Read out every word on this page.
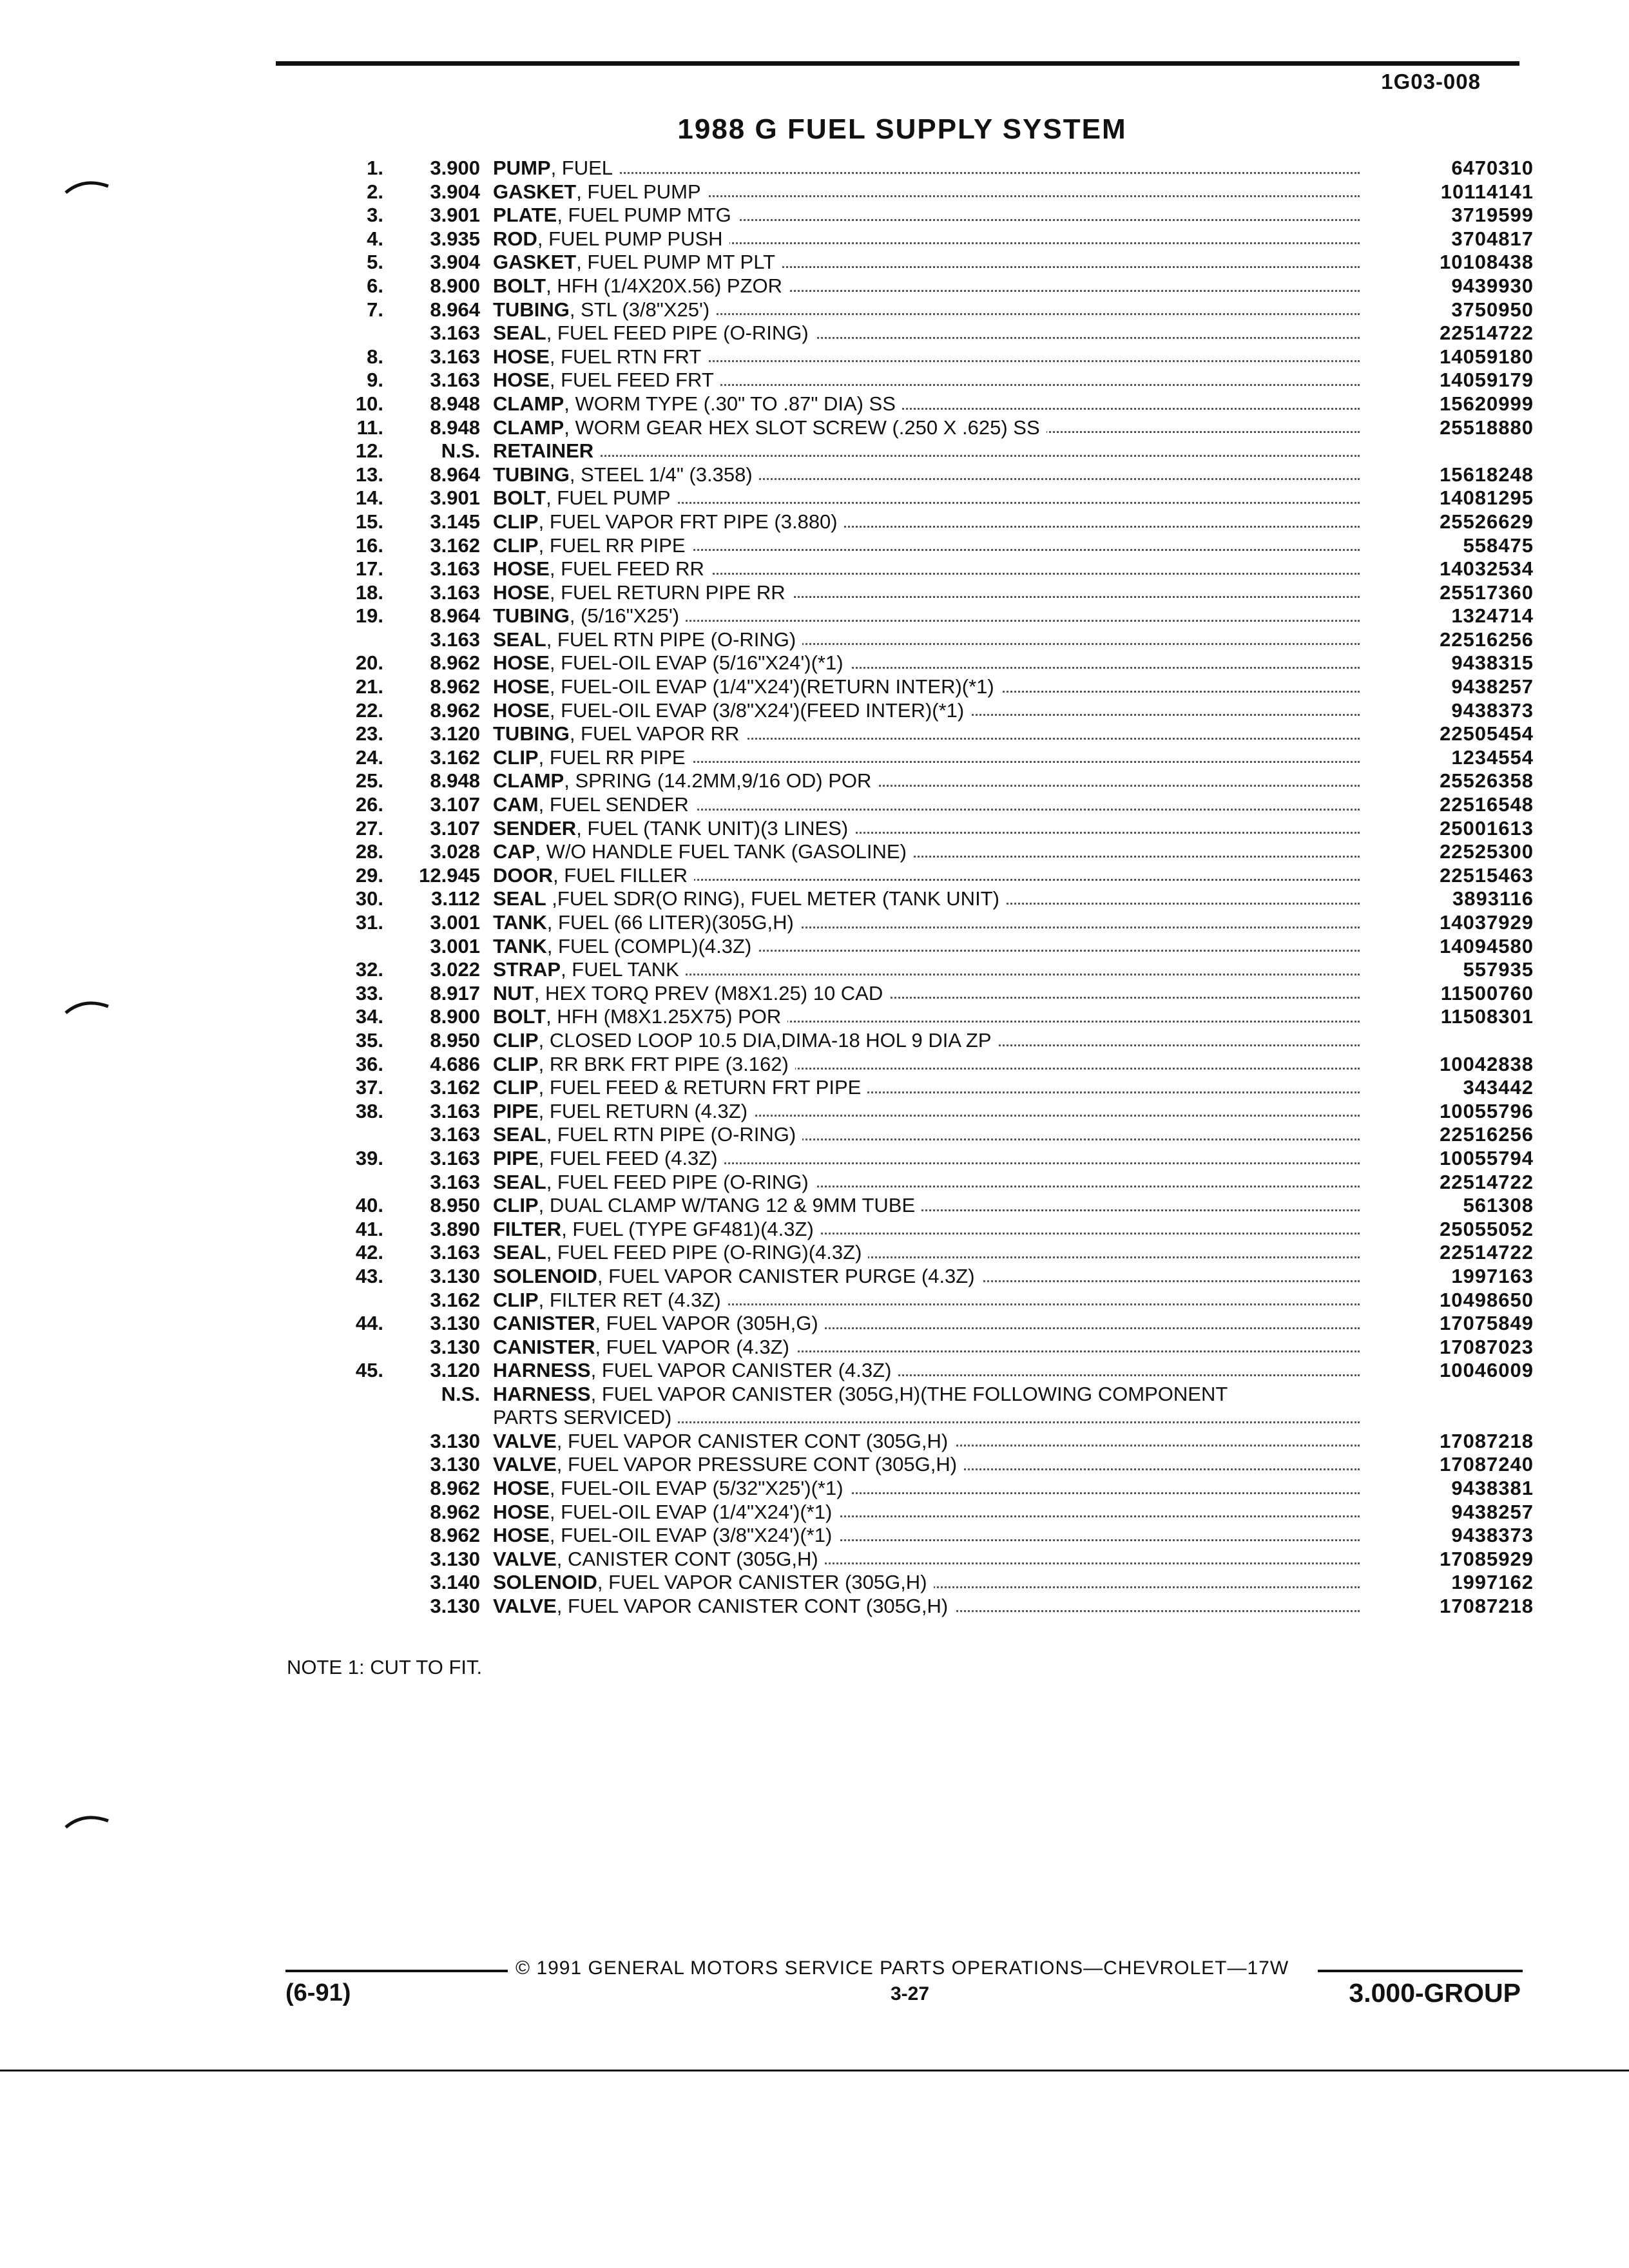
1G03-008
1988 G FUEL SUPPLY SYSTEM
1.	3.900 PUMP, FUEL	6470310
2.	3.904 GASKET, FUEL PUMP	10114141
3.	3.901 PLATE, FUEL PUMP MTG	3719599
4.	3.935 ROD, FUEL PUMP PUSH	3704817
5.	3.904 GASKET, FUEL PUMP MT PLT	10108438
6.	8.900 BOLT, HFH (1/4X20X.56) PZOR	9439930
7.	8.964 TUBING, STL (3/8"X25')	3750950
3.163 SEAL, FUEL FEED PIPE (O-RING)	22514722
8.	3.163 HOSE, FUEL RTN FRT	14059180
9.	3.163 HOSE, FUEL FEED FRT	14059179
10.	8.948 CLAMP, WORM TYPE (.30" TO .87" DIA) SS	15620999
11.	8.948 CLAMP, WORM GEAR HEX SLOT SCREW (.250 X .625) SS	25518880
12.	N.S. RETAINER
13.	8.964 TUBING, STEEL 1/4" (3.358)	15618248
14.	3.901 BOLT, FUEL PUMP	14081295
15.	3.145 CLIP, FUEL VAPOR FRT PIPE (3.880)	25526629
16.	3.162 CLIP, FUEL RR PIPE	558475
17.	3.163 HOSE, FUEL FEED RR	14032534
18.	3.163 HOSE, FUEL RETURN PIPE RR	25517360
19.	8.964 TUBING, (5/16"X25')	1324714
3.163 SEAL, FUEL RTN PIPE (O-RING)	22516256
20.	8.962 HOSE, FUEL-OIL EVAP (5/16"X24')(*1)	9438315
21.	8.962 HOSE, FUEL-OIL EVAP (1/4"X24')(RETURN INTER)(*1)	9438257
22.	8.962 HOSE, FUEL-OIL EVAP (3/8"X24')(FEED INTER)(*1)	9438373
23.	3.120 TUBING, FUEL VAPOR RR	22505454
24.	3.162 CLIP, FUEL RR PIPE	1234554
25.	8.948 CLAMP, SPRING (14.2MM,9/16 OD) POR	25526358
26.	3.107 CAM, FUEL SENDER	22516548
27.	3.107 SENDER, FUEL (TANK UNIT)(3 LINES)	25001613
28.	3.028 CAP, W/O HANDLE FUEL TANK (GASOLINE)	22525300
29.	12.945 DOOR, FUEL FILLER	22515463
30.	3.112 SEAL ,FUEL SDR(O RING), FUEL METER (TANK UNIT)	3893116
31.	3.001 TANK, FUEL (66 LITER)(305G,H)	14037929
3.001 TANK, FUEL (COMPL)(4.3Z)	14094580
32.	3.022 STRAP, FUEL TANK	557935
33.	8.917 NUT, HEX TORQ PREV (M8X1.25) 10 CAD	11500760
34.	8.900 BOLT, HFH (M8X1.25X75) POR	11508301
35.	8.950 CLIP, CLOSED LOOP 10.5 DIA,DIMA-18 HOL 9 DIA ZP
36.	4.686 CLIP, RR BRK FRT PIPE (3.162)	10042838
37.	3.162 CLIP, FUEL FEED & RETURN FRT PIPE	343442
38.	3.163 PIPE, FUEL RETURN (4.3Z)	10055796
3.163 SEAL, FUEL RTN PIPE (O-RING)	22516256
39.	3.163 PIPE, FUEL FEED (4.3Z)	10055794
3.163 SEAL, FUEL FEED PIPE (O-RING)	22514722
40.	8.950 CLIP, DUAL CLAMP W/TANG 12 & 9MM TUBE	561308
41.	3.890 FILTER, FUEL (TYPE GF481)(4.3Z)	25055052
42.	3.163 SEAL, FUEL FEED PIPE (O-RING)(4.3Z)	22514722
43.	3.130 SOLENOID, FUEL VAPOR CANISTER PURGE (4.3Z)	1997163
3.162 CLIP, FILTER RET (4.3Z)	10498650
44.	3.130 CANISTER, FUEL VAPOR (305H,G)	17075849
3.130 CANISTER, FUEL VAPOR (4.3Z)	17087023
45.	3.120 HARNESS, FUEL VAPOR CANISTER (4.3Z)	10046009
N.S. HARNESS, FUEL VAPOR CANISTER (305G,H)(THE FOLLOWING COMPONENT
PARTS SERVICED)
3.130 VALVE, FUEL VAPOR CANISTER CONT (305G,H)	17087218
3.130 VALVE, FUEL VAPOR PRESSURE CONT (305G,H)	17087240
8.962 HOSE, FUEL-OIL EVAP (5/32"X25')(*1)	9438381
8.962 HOSE, FUEL-OIL EVAP (1/4"X24')(*1)	9438257
8.962 HOSE, FUEL-OIL EVAP (3/8"X24')(*1)	9438373
3.130 VALVE, CANISTER CONT (305G,H)	17085929
3.140 SOLENOID, FUEL VAPOR CANISTER (305G,H)	1997162
3.130 VALVE, FUEL VAPOR CANISTER CONT (305G,H)	17087218
NOTE 1: CUT TO FIT.
© 1991 GENERAL MOTORS SERVICE PARTS OPERATIONS—CHEVROLET—17W
(6-91)	3-27	3.000-GROUP
